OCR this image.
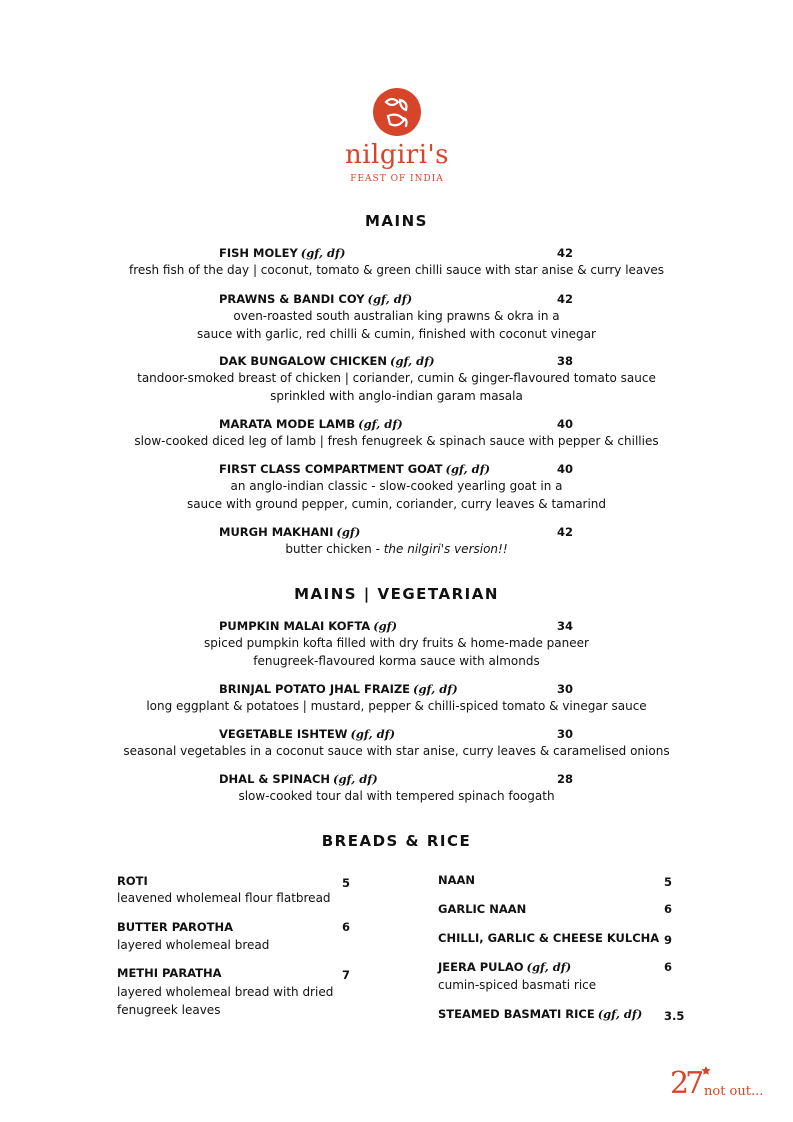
nilgiri's
FEAST OF INDIA
MAINS
FISH MOLEY (gf, df)	42
fresh fish of the day | coconut, tomato & green chilli sauce with star anise & curry leaves
PRAWNS & BANDI COY (gf, df)	42
oven-roasted south australian king prawns & okra in a
sauce with garlic, red chilli & cumin, finished with coconut vinegar
DAK BUNGALOW CHICKEN (gf, df)	38
tandoor-smoked breast of chicken | coriander, cumin & ginger-flavoured tomato sauce
sprinkled with anglo-indian garam masala
MARATA MODE LAMB (gf, df)	40
slow-cooked diced leg of lamb | fresh fenugreek & spinach sauce with pepper & chillies
FIRST CLASS COMPARTMENT GOAT (gf, df)	40
an anglo-indian classic - slow-cooked yearling goat in a
sauce with ground pepper, cumin, coriander, curry leaves & tamarind
MURGH MAKHANI (gf)	42
butter chicken - the nilgiri's version!!
MAINS | VEGETARIAN
PUMPKIN MALAI KOFTA (gf)	34
spiced pumpkin kofta filled with dry fruits & home-made paneer
fenugreek-flavoured korma sauce with almonds
BRINJAL POTATO JHAL FRAIZE (gf, df)	30
long eggplant & potatoes | mustard, pepper & chilli-spiced tomato & vinegar sauce
VEGETABLE ISHTEW (gf, df)	30
seasonal vegetables in a coconut sauce with star anise, curry leaves & caramelised onions
DHAL & SPINACH (gf, df)	28
slow-cooked tour dal with tempered spinach foogath
BREADS & RICE
ROTI	5
leavened wholemeal flour flatbread
BUTTER PAROTHA	6
layered wholemeal bread
METHI PARATHA	7
layered wholemeal bread with dried
fenugreek leaves
NAAN	5
GARLIC NAAN	6
CHILLI, GARLIC & CHEESE KULCHA 9
JEERA PULAO (gf, df)	6
cumin-spiced basmati rice
STEAMED BASMATI RICE (gf, df) 3.5
27 not out...
